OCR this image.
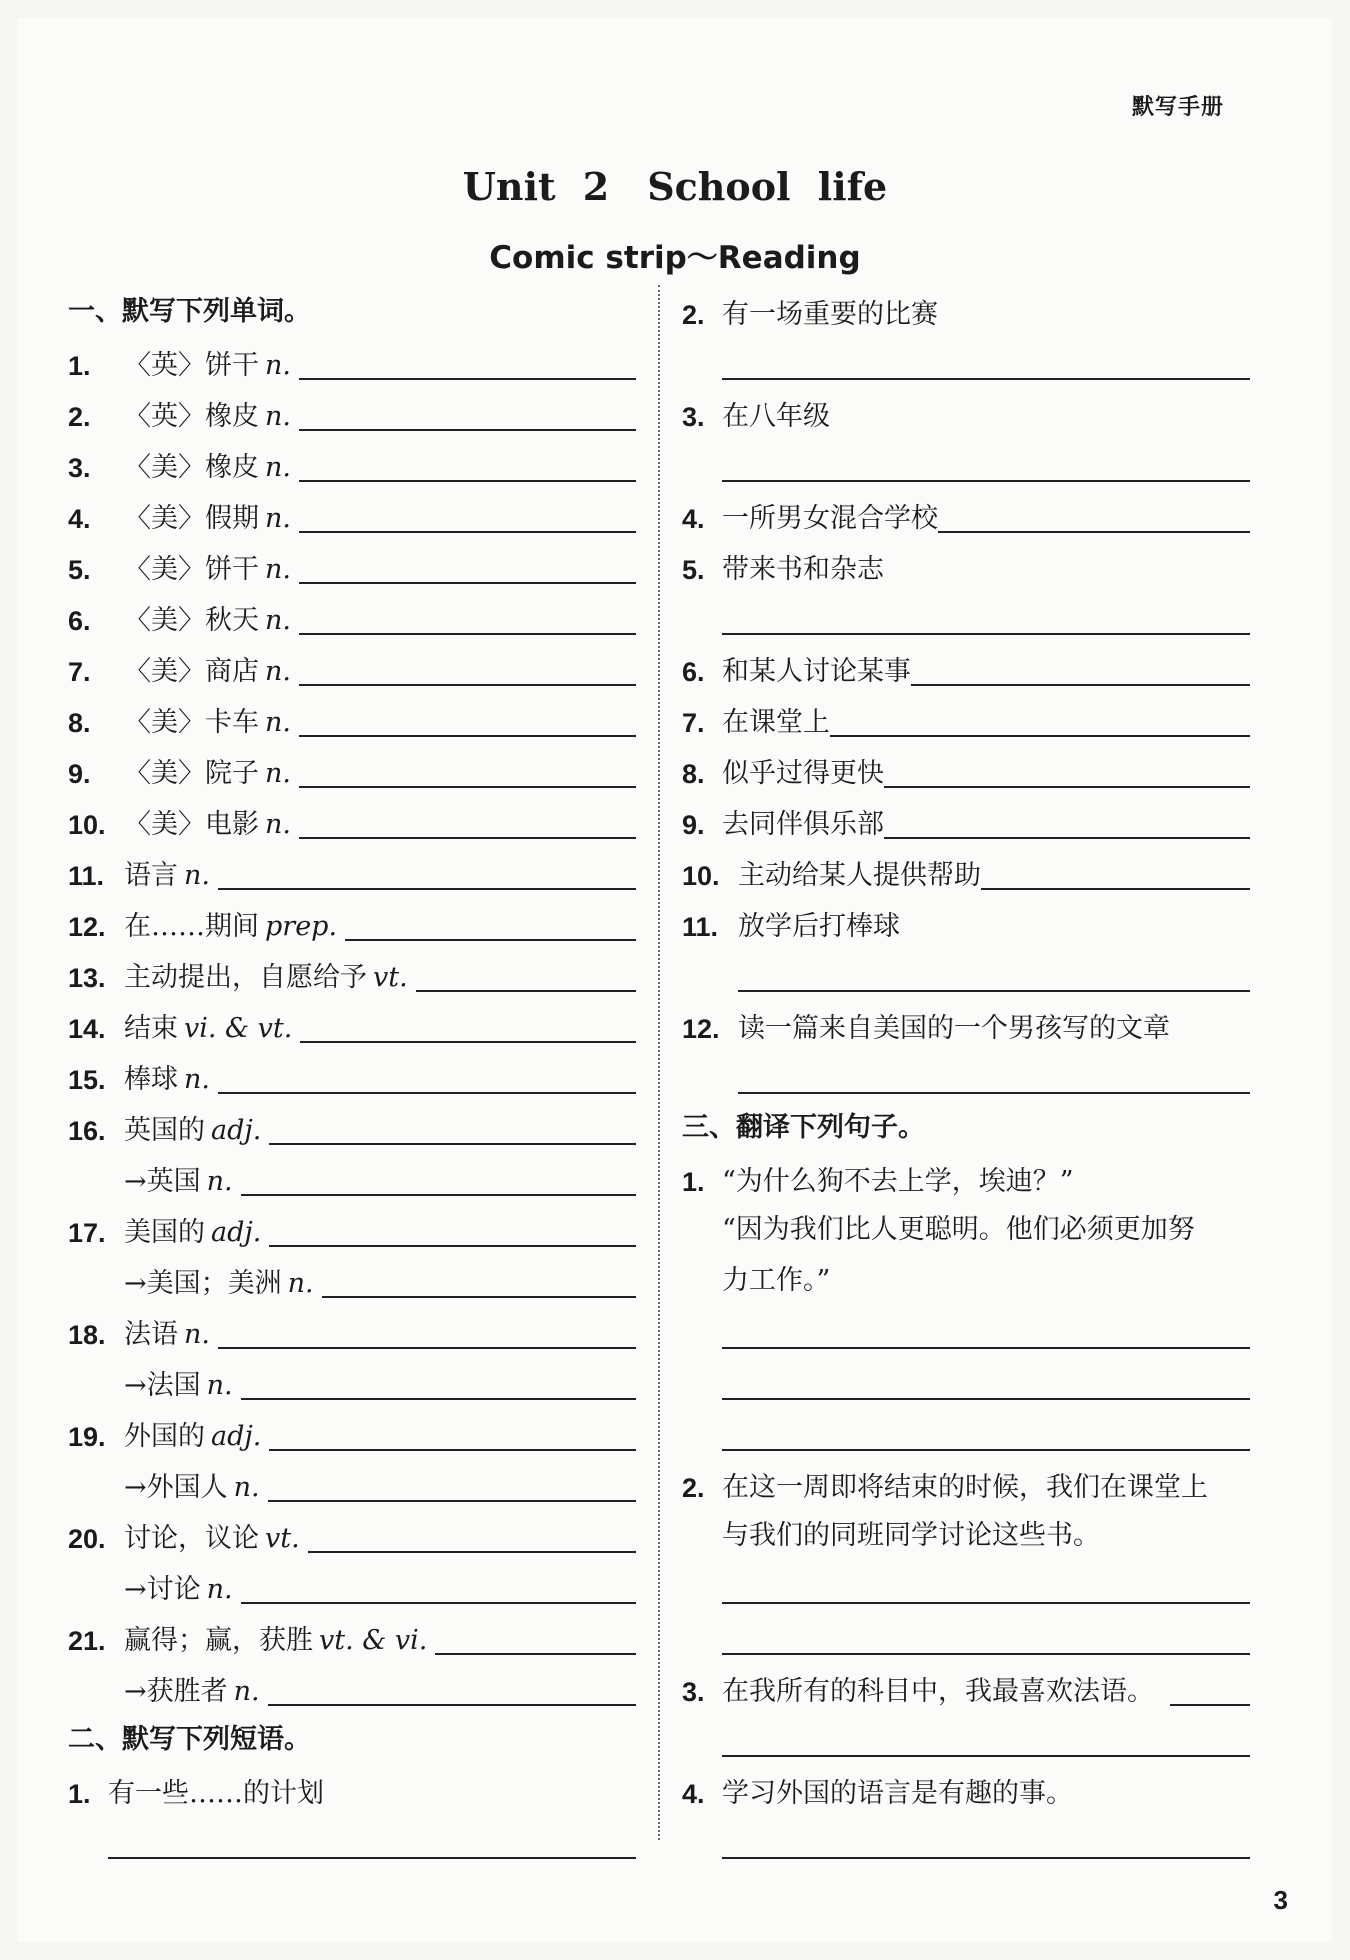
默写手册
Unit 2　School life
Comic strip～Reading
一、默写下列单词。
1.	〈英〉饼干 n.
2.	〈英〉橡皮 n.
3.	〈美〉橡皮 n.
4.	〈美〉假期 n.
5.	〈美〉饼干 n.
6.	〈美〉秋天 n.
7.	〈美〉商店 n.
8.	〈美〉卡车 n.
9.	〈美〉院子 n.
10. 〈美〉电影 n.
11. 语言 n.
12. 在……期间 prep.
13. 主动提出，自愿给予 vt.
14. 结束 vi. & vt.
15. 棒球 n.
16. 英国的 adj.
→英国 n.
17. 美国的 adj.
→美国；美洲 n.
18. 法语 n.
→法国 n.
19. 外国的 adj.
→外国人 n.
20. 讨论，议论 vt.
→讨论 n.
21. 赢得；赢，获胜 vt. & vi.
→获胜者 n.
二、默写下列短语。
1. 有一些……的计划
2. 有一场重要的比赛
3. 在八年级
4. 一所男女混合学校
5. 带来书和杂志
6. 和某人讨论某事
7. 在课堂上
8. 似乎过得更快
9. 去同伴俱乐部
10. 主动给某人提供帮助
11. 放学后打棒球
12. 读一篇来自美国的一个男孩写的文章
三、翻译下列句子。
1. “为什么狗不去上学，埃迪？”
“因为我们比人更聪明。他们必须更加努
力工作。”
2. 在这一周即将结束的时候，我们在课堂上
与我们的同班同学讨论这些书。
3. 在我所有的科目中，我最喜欢法语。
4. 学习外国的语言是有趣的事。
3
